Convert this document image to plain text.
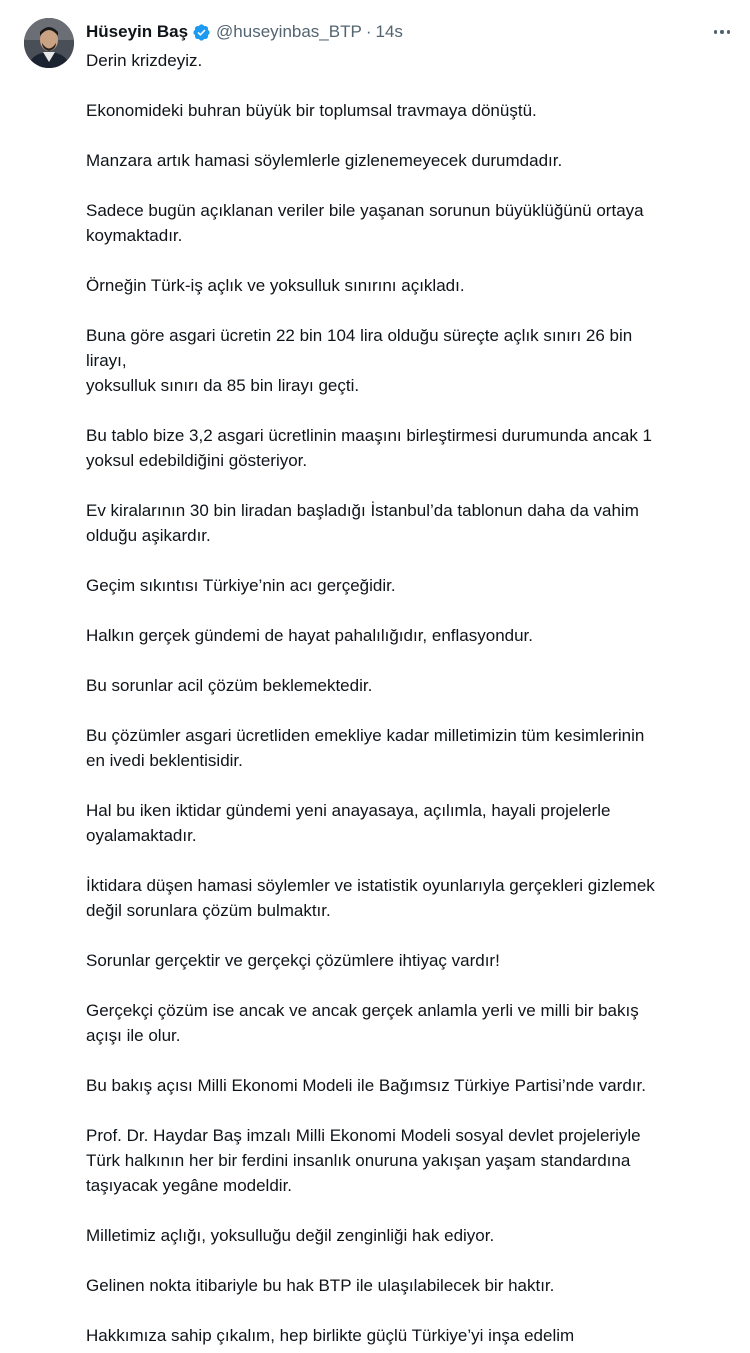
Hüseyin Baş @huseyinbas_BTP · 14s

Derin krizdeyiz.

Ekonomideki buhran büyük bir toplumsal travmaya dönüştü.

Manzara artık hamasi söylemlerle gizlenemeyecek durumdadır.

Sadece bugün açıklanan veriler bile yaşanan sorunun büyüklüğünü ortaya
koymaktadır.

Örneğin Türk-iş açlık ve yoksulluk sınırını açıkladı.

Buna göre asgari ücretin 22 bin 104 lira olduğu süreçte açlık sınırı 26 bin
lirayı,
yoksulluk sınırı da 85 bin lirayı geçti.

Bu tablo bize 3,2 asgari ücretlinin maaşını birleştirmesi durumunda ancak 1
yoksul edebildiğini gösteriyor.

Ev kiralarının 30 bin liradan başladığı İstanbul’da tablonun daha da vahim
olduğu aşikardır.

Geçim sıkıntısı Türkiye’nin acı gerçeğidir.

Halkın gerçek gündemi de hayat pahalılığıdır, enflasyondur.

Bu sorunlar acil çözüm beklemektedir.

Bu çözümler asgari ücretliden emekliye kadar milletimizin tüm kesimlerinin
en ivedi beklentisidir.

Hal bu iken iktidar gündemi yeni anayasaya, açılımla, hayali projelerle
oyalamaktadır.

İktidara düşen hamasi söylemler ve istatistik oyunlarıyla gerçekleri gizlemek
değil sorunlara çözüm bulmaktır.

Sorunlar gerçektir ve gerçekçi çözümlere ihtiyaç vardır!

Gerçekçi çözüm ise ancak ve ancak gerçek anlamla yerli ve milli bir bakış
açışı ile olur.

Bu bakış açısı Milli Ekonomi Modeli ile Bağımsız Türkiye Partisi’nde vardır.

Prof. Dr. Haydar Baş imzalı Milli Ekonomi Modeli sosyal devlet projeleriyle
Türk halkının her bir ferdini insanlık onuruna yakışan yaşam standardına
taşıyacak yegâne modeldir.

Milletimiz açlığı, yoksulluğu değil zenginliği hak ediyor.

Gelinen nokta itibariyle bu hak BTP ile ulaşılabilecek bir haktır.

Hakkımıza sahip çıkalım, hep birlikte güçlü Türkiye’yi inşa edelim
